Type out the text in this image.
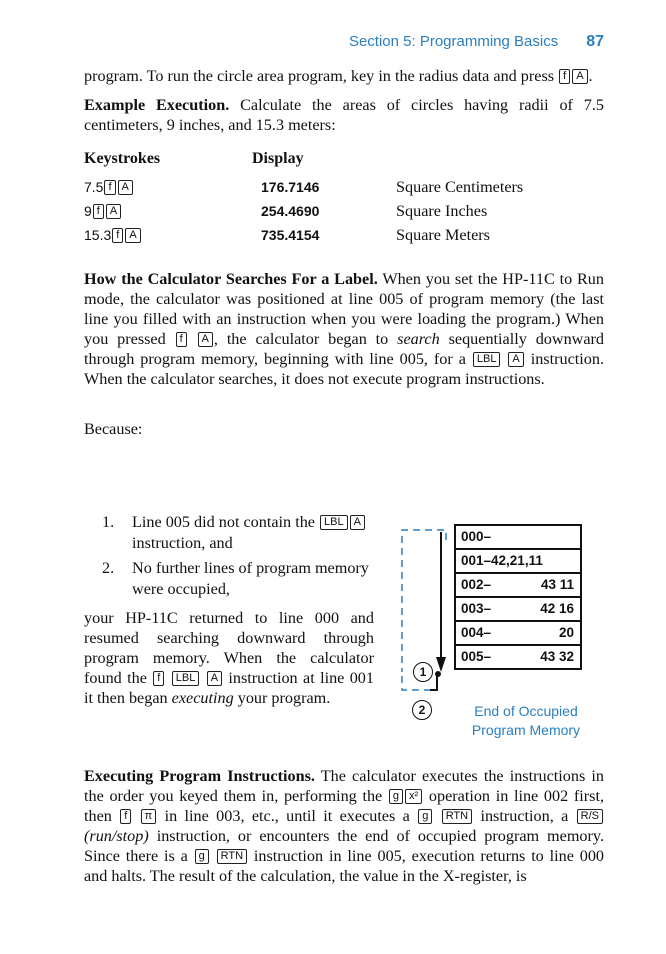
Section 5: Programming Basics 87

program. To run the circle area program, key in the radius data and press f A .

Example Execution. Calculate the areas of circles having radii of 7.5 centimeters, 9 inches, and 15.3 meters:

Keystrokes	Display
7.5 f A	176.7146	Square Centimeters
9 f A	254.4690	Square Inches
15.3 f A	735.4154	Square Meters

How the Calculator Searches For a Label. When you set the HP-11C to Run mode, the calculator was positioned at line 005 of program memory (the last line you filled with an instruction when you were loading the program.) When you pressed f A , the calculator began to search sequentially downward through program memory, beginning with line 005, for a LBL A instruction. When the calculator searches, it does not execute program instructions.

Because:

1. Line 005 did not contain the LBL Ainstruction, and
2. No further lines of program memory were occupied,

your HP-11C returned to line 000 and resumed searching downward through program memory. When the calculator found the f LBL A instruction at line 001 it then began executing your program.

000–
001–42,21,11
002–	43 11
003–	42 16
004–	20
005–	43 32
1
2	End of Occupied Program Memory
Executing Program Instructions. The calculator executes the instructions in the order you keyed them in, performing the g x² operation in line 002 first, then f π in line 003, etc., until it executes a g RTN instruction, a R/S (run/stop) instruction, or encounters the end of occupied program memory. Since there is a g RTN instruction in line 005, execution returns to line 000 and halts. The result of the calculation, the value in the X-register, is
